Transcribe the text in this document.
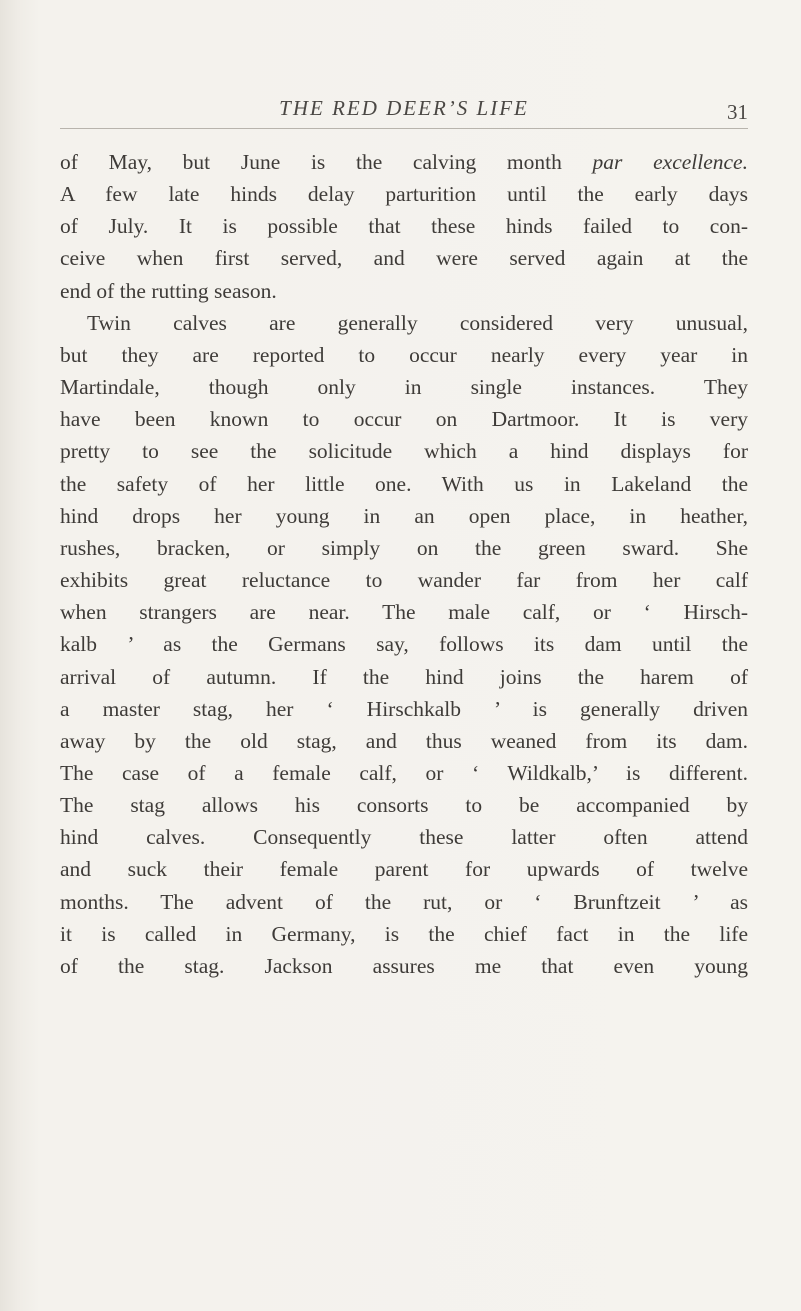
THE RED DEER’S LIFE	31
of May, but June is the calving month par excellence.
A few late hinds delay parturition until the early days
of July. It is possible that these hinds failed to con-
ceive when first served, and were served again at the
end of the rutting season.
Twin calves are generally considered very unusual,
but they are reported to occur nearly every year in
Martindale, though only in single instances. They
have been known to occur on Dartmoor. It is very
pretty to see the solicitude which a hind displays for
the safety of her little one. With us in Lakeland the
hind drops her young in an open place, in heather,
rushes, bracken, or simply on the green sward. She
exhibits great reluctance to wander far from her calf
when strangers are near. The male calf, or ‘ Hirsch-
kalb ’ as the Germans say, follows its dam until the
arrival of autumn. If the hind joins the harem of
a master stag, her ‘ Hirschkalb ’ is generally driven
away by the old stag, and thus weaned from its dam.
The case of a female calf, or ‘ Wildkalb,’ is different.
The stag allows his consorts to be accompanied by
hind calves. Consequently these latter often attend
and suck their female parent for upwards of twelve
months. The advent of the rut, or ‘ Brunftzeit ’ as
it is called in Germany, is the chief fact in the life
of the stag. Jackson assures me that even young
